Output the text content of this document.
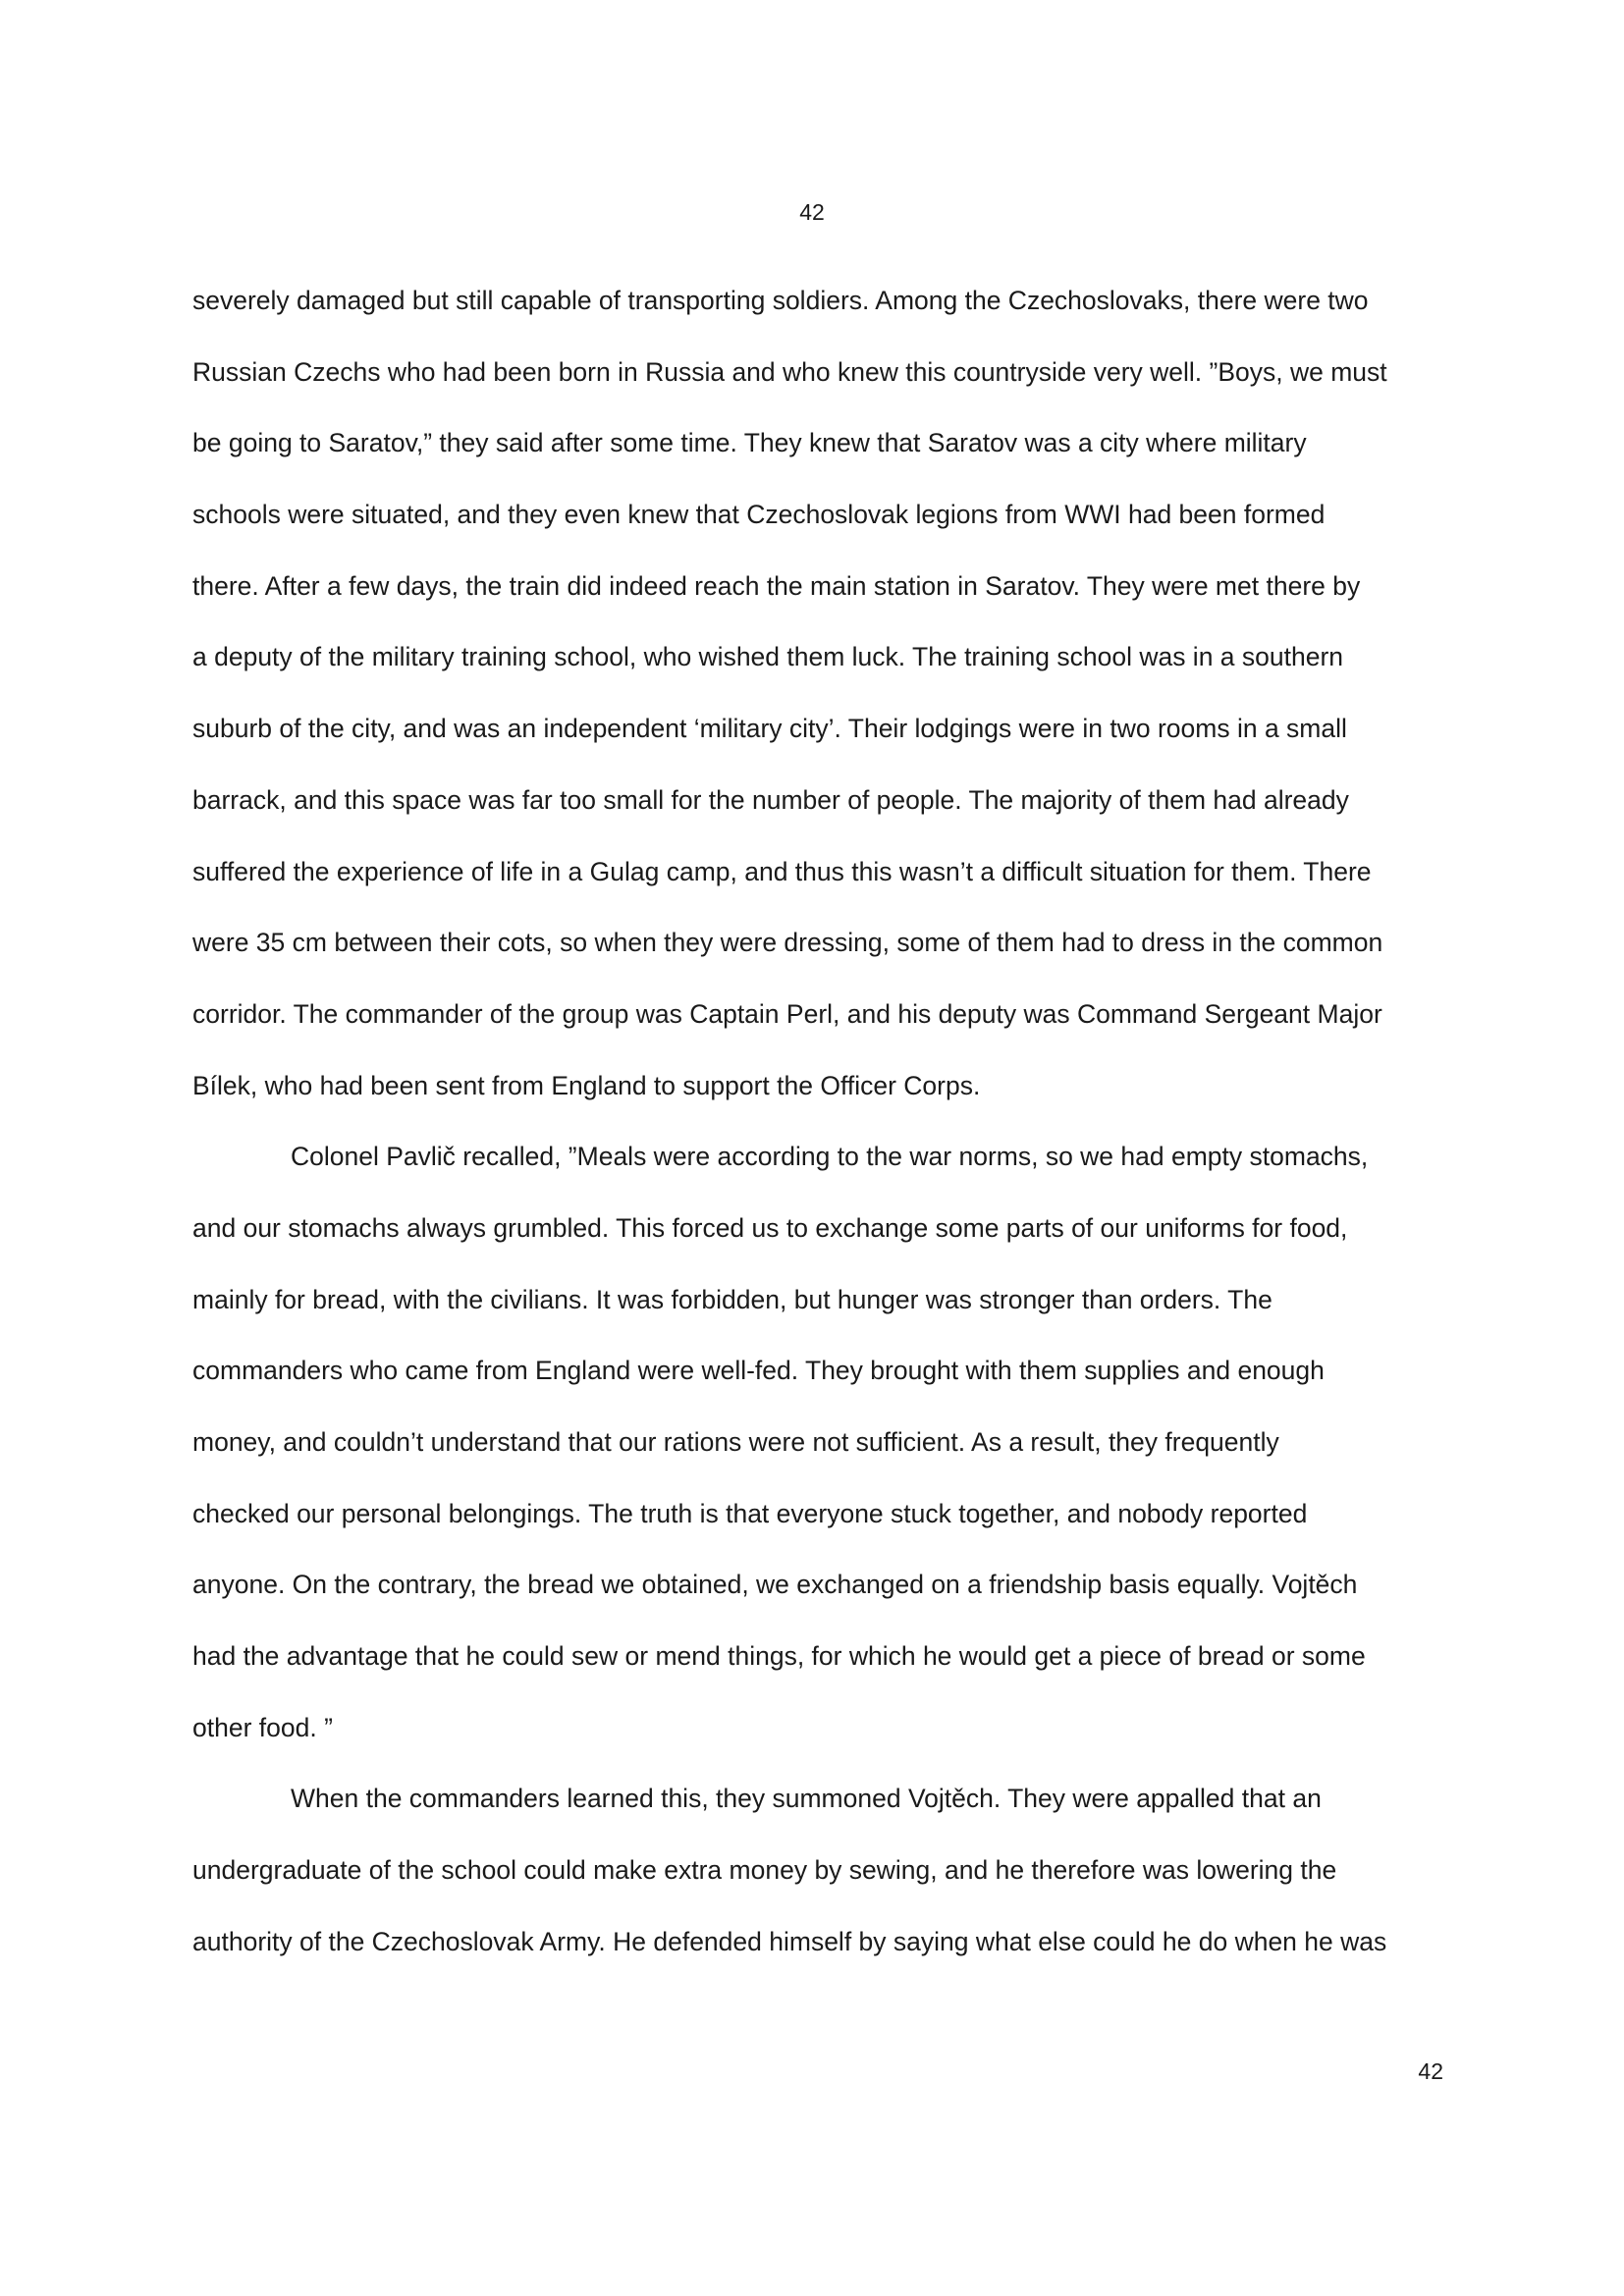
42

severely damaged but still capable of transporting soldiers. Among the Czechoslovaks, there were two
Russian Czechs who had been born in Russia and who knew this countryside very well. ”Boys, we must
be going to Saratov,” they said after some time. They knew that Saratov was a city where military
schools were situated, and they even knew that Czechoslovak legions from WWI had been formed
there. After a few days, the train did indeed reach the main station in Saratov. They were met there by
a deputy of the military training school, who wished them luck. The training school was in a southern
suburb of the city, and was an independent ‘military city’. Their lodgings were in two rooms in a small
barrack, and this space was far too small for the number of people. The majority of them had already
suffered the experience of life in a Gulag camp, and thus this wasn’t a difficult situation for them. There
were 35 cm between their cots, so when they were dressing, some of them had to dress in the common
corridor. The commander of the group was Captain Perl, and his deputy was Command Sergeant Major
Bílek, who had been sent from England to support the Officer Corps.

Colonel Pavlič recalled, ”Meals were according to the war norms, so we had empty stomachs,
and our stomachs always grumbled. This forced us to exchange some parts of our uniforms for food,
mainly for bread, with the civilians. It was forbidden, but hunger was stronger than orders. The
commanders who came from England were well-fed. They brought with them supplies and enough
money, and couldn’t understand that our rations were not sufficient. As a result, they frequently
checked our personal belongings. The truth is that everyone stuck together, and nobody reported
anyone. On the contrary, the bread we obtained, we exchanged on a friendship basis equally. Vojtěch
had the advantage that he could sew or mend things, for which he would get a piece of bread or some
other food. ”

When the commanders learned this, they summoned Vojtěch. They were appalled that an
undergraduate of the school could make extra money by sewing, and he therefore was lowering the
authority of the Czechoslovak Army. He defended himself by saying what else could he do when he was

42
